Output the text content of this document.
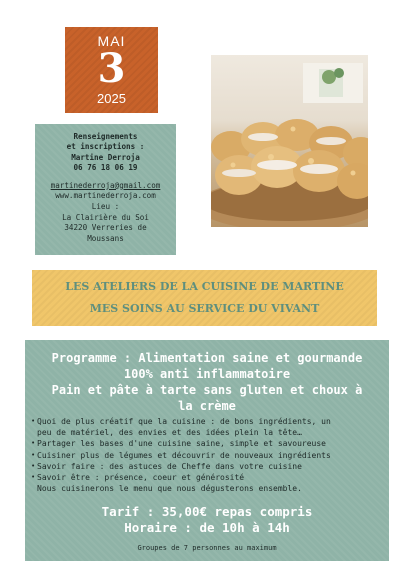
MAI
3
2025
Renseignements
et inscriptions :
Martine Derroja
06 76 18 06 19
martinederroja@gmail.com
www.martinederroja.com
Lieu :
La Clairière du Soi
34220 Verreries de
Moussans
LES ATELIERS DE LA CUISINE DE MARTINE
MES SOINS AU SERVICE DU VIVANT
Programme : Alimentation saine et gourmande
100% anti inflammatoire
Pain et pâte à tarte sans gluten et choux à
la crème
• Quoi de plus créatif que la cuisine : de bons ingrédients, un
peu de matériel, des envies et des idées plein la tête…
• Partager les bases d'une cuisine saine, simple et savoureuse
• Cuisiner plus de légumes et découvrir de nouveaux ingrédients
• Savoir faire : des astuces de Cheffe dans votre cuisine
• Savoir être : présence, coeur et générosité
Nous cuisinerons le menu que nous dégusterons ensemble.
Tarif : 35,00€ repas compris
Horaire : de 10h à 14h
Groupes de 7 personnes au maximum
